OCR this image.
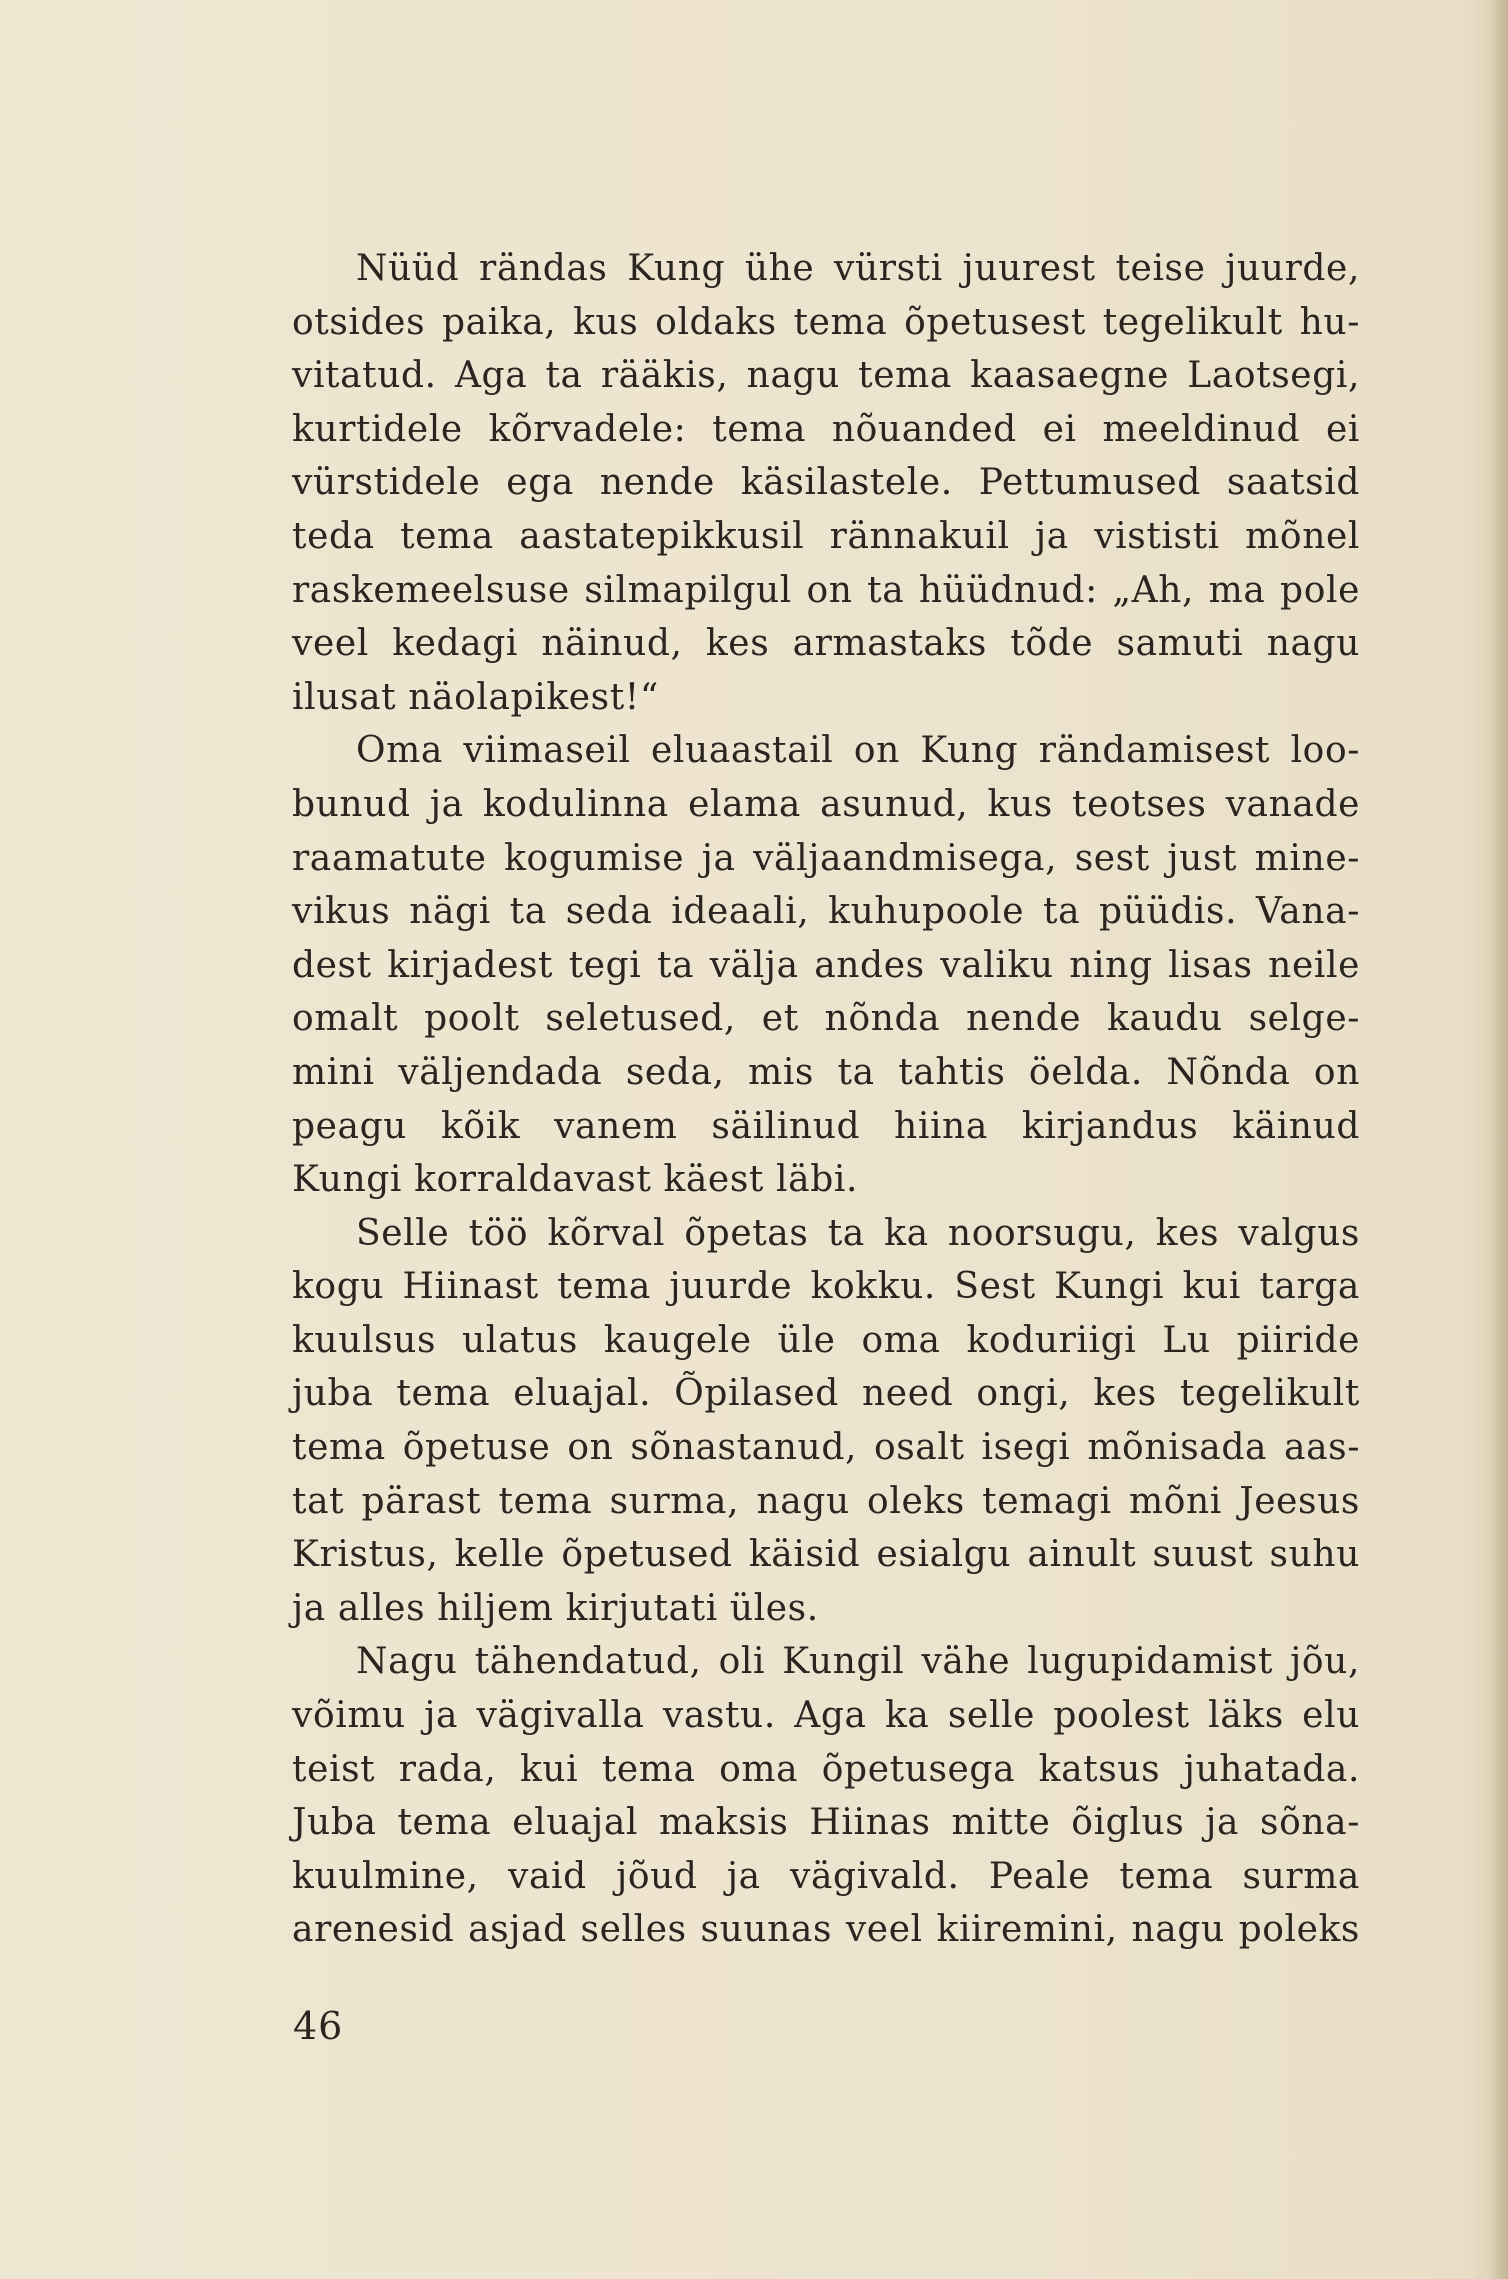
Nüüd rändas Kung ühe vürsti juurest teise juurde,
otsides paika, kus oldaks tema õpetusest tegelikult hu-
vitatud. Aga ta rääkis, nagu tema kaasaegne Laotsegi,
kurtidele kõrvadele: tema nõuanded ei meeldinud ei
vürstidele ega nende käsilastele. Pettumused saatsid
teda tema aastatepikkusil rännakuil ja vististi mõnel
raskemeelsuse silmapilgul on ta hüüdnud: „Ah, ma pole
veel kedagi näinud, kes armastaks tõde samuti nagu
ilusat näolapikest!“
Oma viimaseil eluaastail on Kung rändamisest loo-
bunud ja kodulinna elama asunud, kus teotses vanade
raamatute kogumise ja väljaandmisega, sest just mine-
vikus nägi ta seda ideaali, kuhupoole ta püüdis. Vana-
dest kirjadest tegi ta välja andes valiku ning lisas neile
omalt poolt seletused, et nõnda nende kaudu selge-
mini väljendada seda, mis ta tahtis öelda. Nõnda on
peagu kõik vanem säilinud hiina kirjandus käinud
Kungi korraldavast käest läbi.
Selle töö kõrval õpetas ta ka noorsugu, kes valgus
kogu Hiinast tema juurde kokku. Sest Kungi kui targa
kuulsus ulatus kaugele üle oma koduriigi Lu piiride
juba tema eluajal. Õpilased need ongi, kes tegelikult
tema õpetuse on sõnastanud, osalt isegi mõnisada aas-
tat pärast tema surma, nagu oleks temagi mõni Jeesus
Kristus, kelle õpetused käisid esialgu ainult suust suhu
ja alles hiljem kirjutati üles.
Nagu tähendatud, oli Kungil vähe lugupidamist jõu,
võimu ja vägivalla vastu. Aga ka selle poolest läks elu
teist rada, kui tema oma õpetusega katsus juhatada.
Juba tema eluajal maksis Hiinas mitte õiglus ja sõna-
kuulmine, vaid jõud ja vägivald. Peale tema surma
arenesid asjad selles suunas veel kiiremini, nagu poleks
46
